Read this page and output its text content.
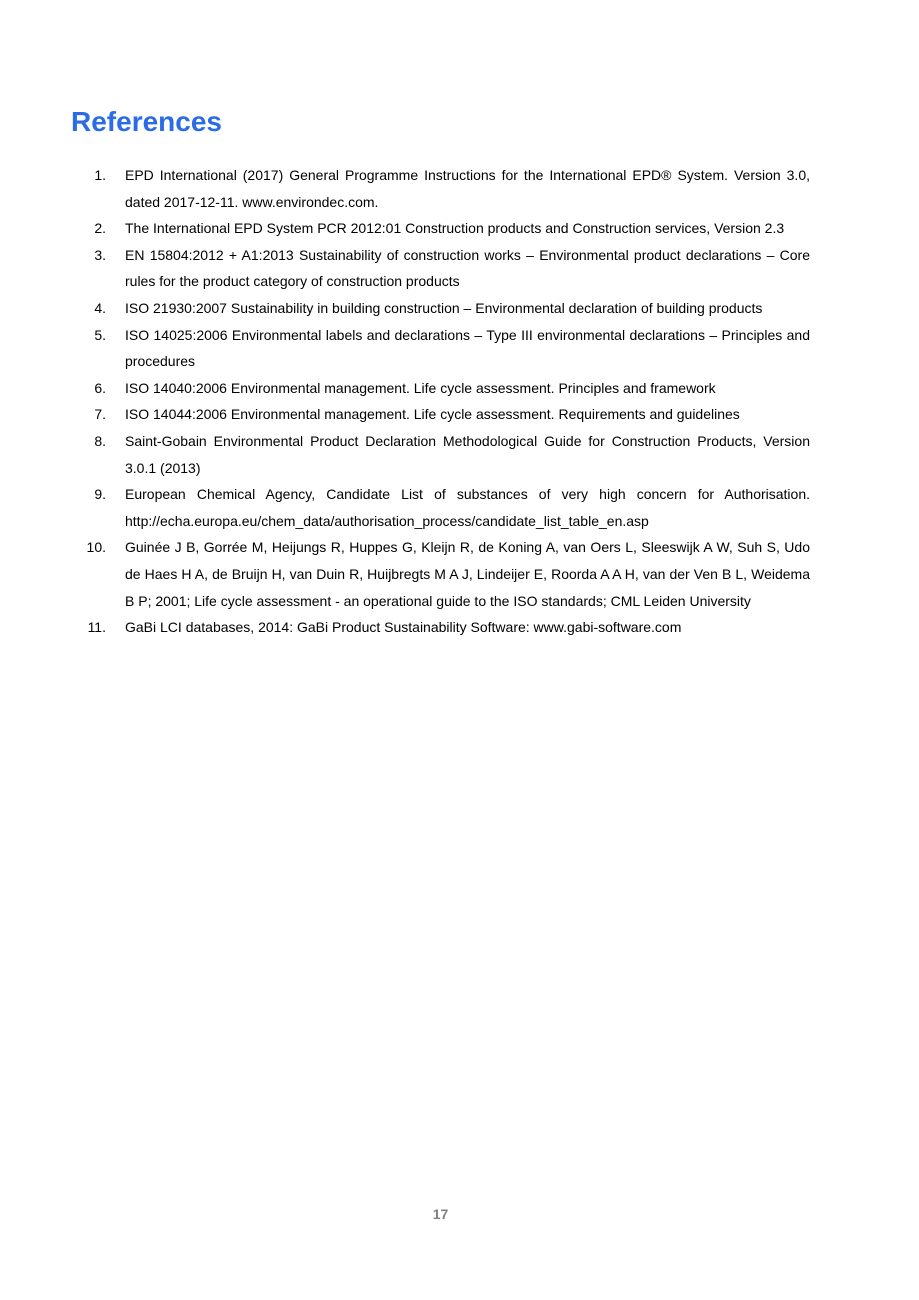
References
1. EPD International (2017) General Programme Instructions for the International EPD® System. Version 3.0, dated 2017-12-11. www.environdec.com.
2. The International EPD System PCR 2012:01 Construction products and Construction services, Version 2.3
3. EN 15804:2012 + A1:2013 Sustainability of construction works – Environmental product declarations – Core rules for the product category of construction products
4. ISO 21930:2007 Sustainability in building construction – Environmental declaration of building products
5. ISO 14025:2006 Environmental labels and declarations – Type III environmental declarations – Principles and procedures
6. ISO 14040:2006 Environmental management. Life cycle assessment. Principles and framework
7. ISO 14044:2006 Environmental management. Life cycle assessment. Requirements and guidelines
8. Saint-Gobain Environmental Product Declaration Methodological Guide for Construction Products, Version 3.0.1 (2013)
9. European Chemical Agency, Candidate List of substances of very high concern for Authorisation. http://echa.europa.eu/chem_data/authorisation_process/candidate_list_table_en.asp
10. Guinée J B, Gorrée M, Heijungs R, Huppes G, Kleijn R, de Koning A, van Oers L, Sleeswijk A W, Suh S, Udo de Haes H A, de Bruijn H, van Duin R, Huijbregts M A J, Lindeijer E, Roorda A A H, van der Ven B L, Weidema B P; 2001; Life cycle assessment - an operational guide to the ISO standards; CML Leiden University
11. GaBi LCI databases, 2014: GaBi Product Sustainability Software: www.gabi-software.com
17
